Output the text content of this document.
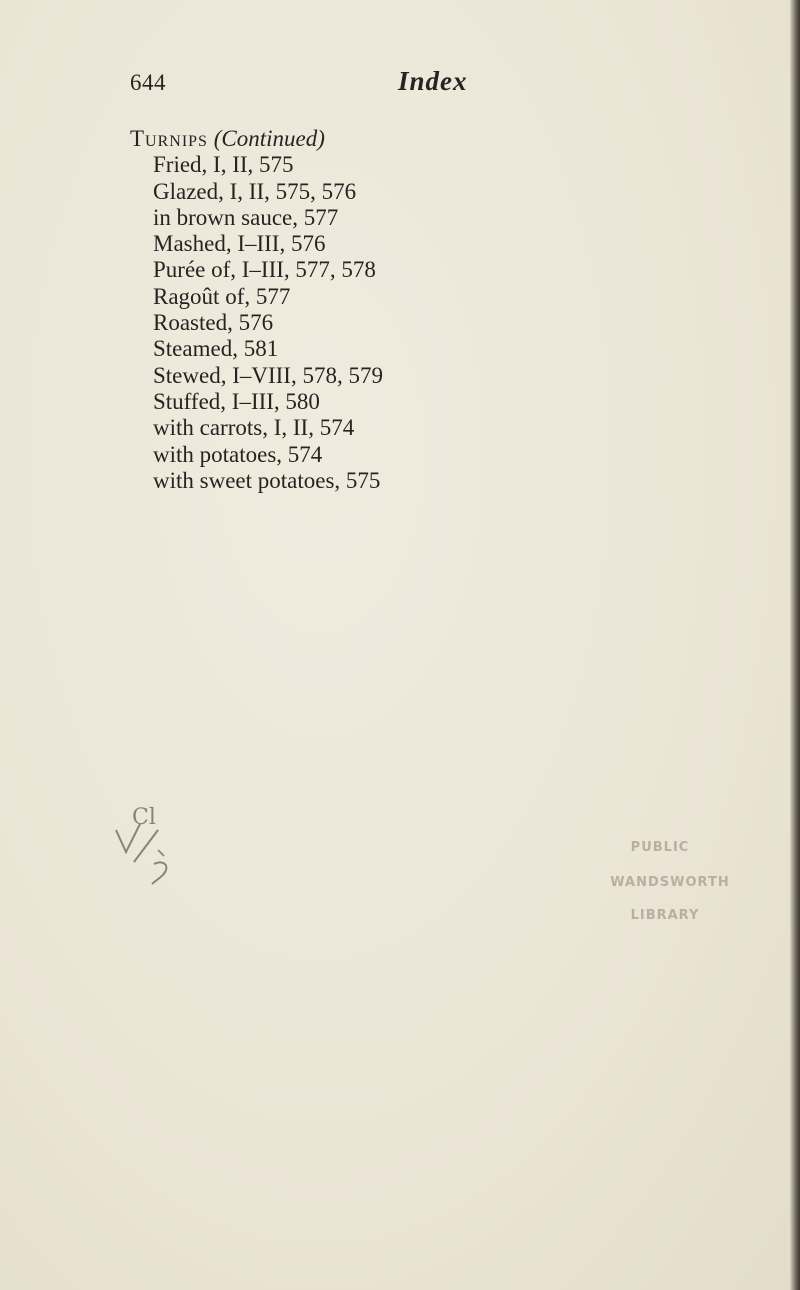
644	Index
Turnips (Continued)
Fried, I, II, 575
Glazed, I, II, 575, 576
in brown sauce, 577
Mashed, I–III, 576
Purée of, I–III, 577, 578
Ragoût of, 577
Roasted, 576
Steamed, 581
Stewed, I–VIII, 578, 579
Stuffed, I–III, 580
with carrots, I, II, 574
with potatoes, 574
with sweet potatoes, 575
PUBLIC
WANDSWORTH
LIBRARY
Cl
